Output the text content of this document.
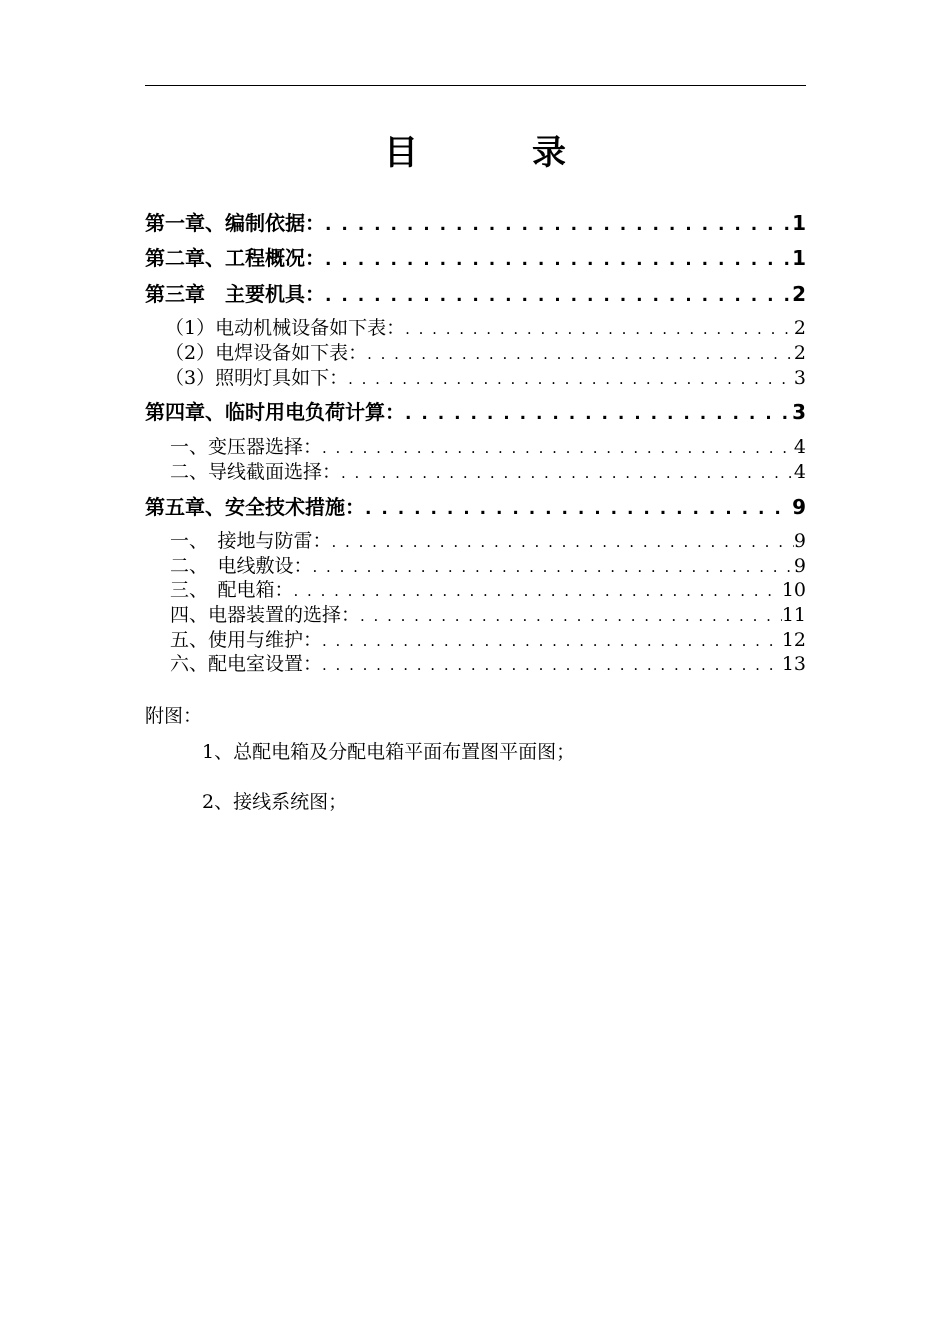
目　录
第一章、编制依据： . . .	1
第二章、工程概况： . . .	1
第三章　主要机具： . . .	2
（1）电动机械设备如下表： . . .	2
（2）电焊设备如下表： . . .	2
（3）照明灯具如下： . . .	3
第四章、临时用电负荷计算： . . .	3
一、变压器选择： . . .	4
二、导线截面选择： . . .	4
第五章、安全技术措施： . . .	9
一、　接地与防雷： . . .	9
二、　电线敷设： . . .	9
三、　配电箱： . . .	10
四、电器装置的选择： . . .	11
五、使用与维护： . . .	12
六、配电室设置： . . .	13
附图：
1、总配电箱及分配电箱平面布置图平面图；
2、接线系统图；
